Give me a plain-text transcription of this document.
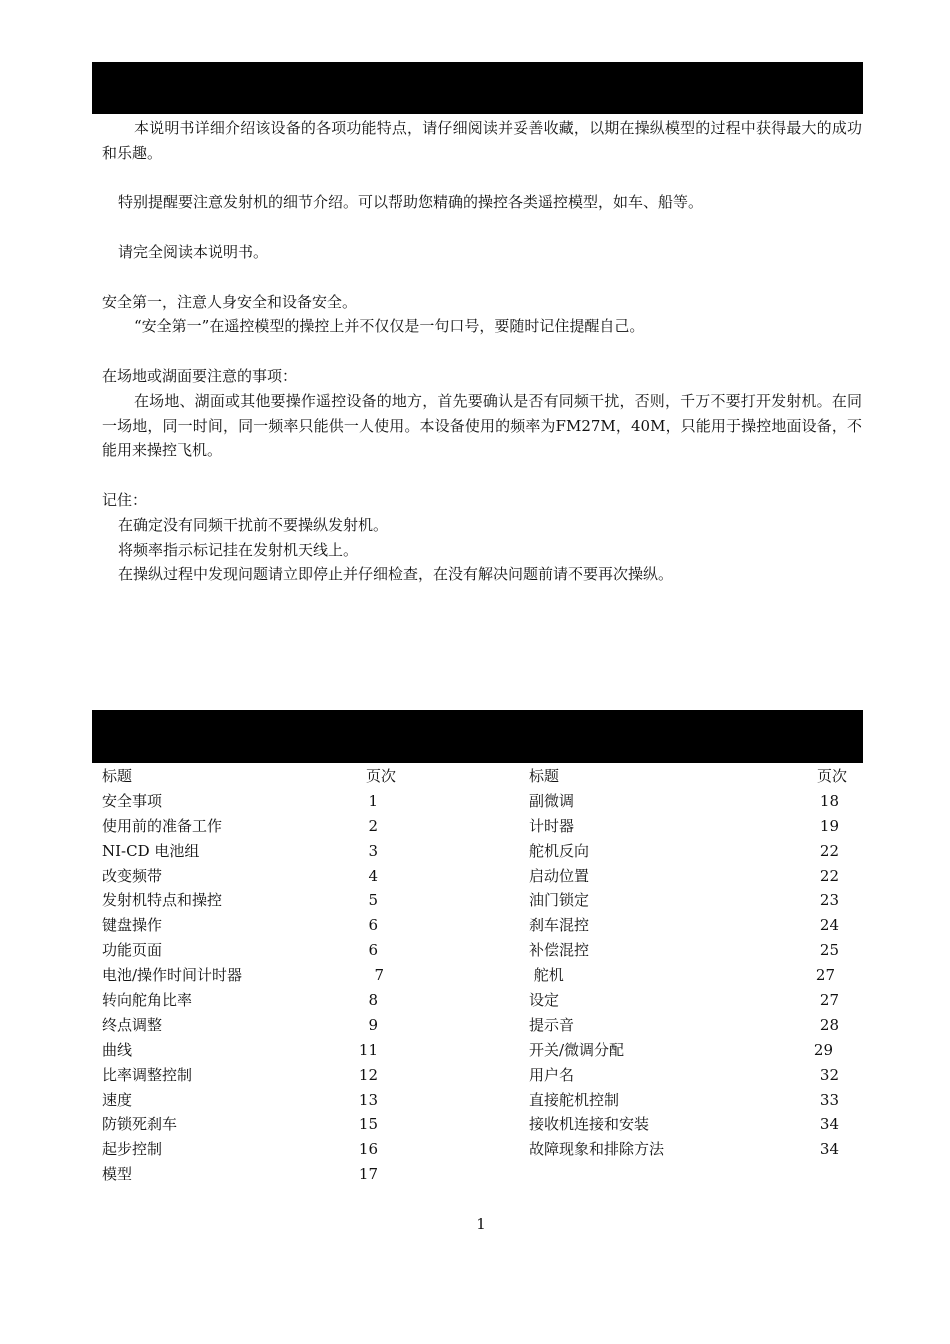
本说明书详细介绍该设备的各项功能特点，请仔细阅读并妥善收藏，以期在操纵模型的过程中获得最大的成功和乐趣。

特别提醒要注意发射机的细节介绍。可以帮助您精确的操控各类遥控模型，如车、船等。

请完全阅读本说明书。

安全第一，注意人身安全和设备安全。

“安全第一”在遥控模型的操控上并不仅仅是一句口号，要随时记住提醒自己。

在场地或湖面要注意的事项：

在场地、湖面或其他要操作遥控设备的地方，首先要确认是否有同频干扰，否则，千万不要打开发射机。在同一场地，同一时间，同一频率只能供一人使用。本设备使用的频率为FM27M，40M，只能用于操控地面设备，不能用来操控飞机。

记住：

在确定没有同频干扰前不要操纵发射机。

将频率指示标记挂在发射机天线上。

在操纵过程中发现问题请立即停止并仔细检查，在没有解决问题前请不要再次操纵。

标题	页次
安全事项	1
使用前的准备工作	2
NI-CD 电池组	3
改变频带	4
发射机特点和操控	5
键盘操作	6
功能页面	6
电池/操作时间计时器	7
转向舵角比率	8
终点调整	9
曲线	11
比率调整控制	12
速度	13
防锁死刹车	15
起步控制	16
模型	17
标题	页次
副微调	18
计时器	19
舵机反向	22
启动位置	22
油门锁定	23
刹车混控	24
补偿混控	25
舵机	27
设定	27
提示音	28
开关/微调分配	29
用户名	32
直接舵机控制	33
接收机连接和安装	34
故障现象和排除方法	34
1
